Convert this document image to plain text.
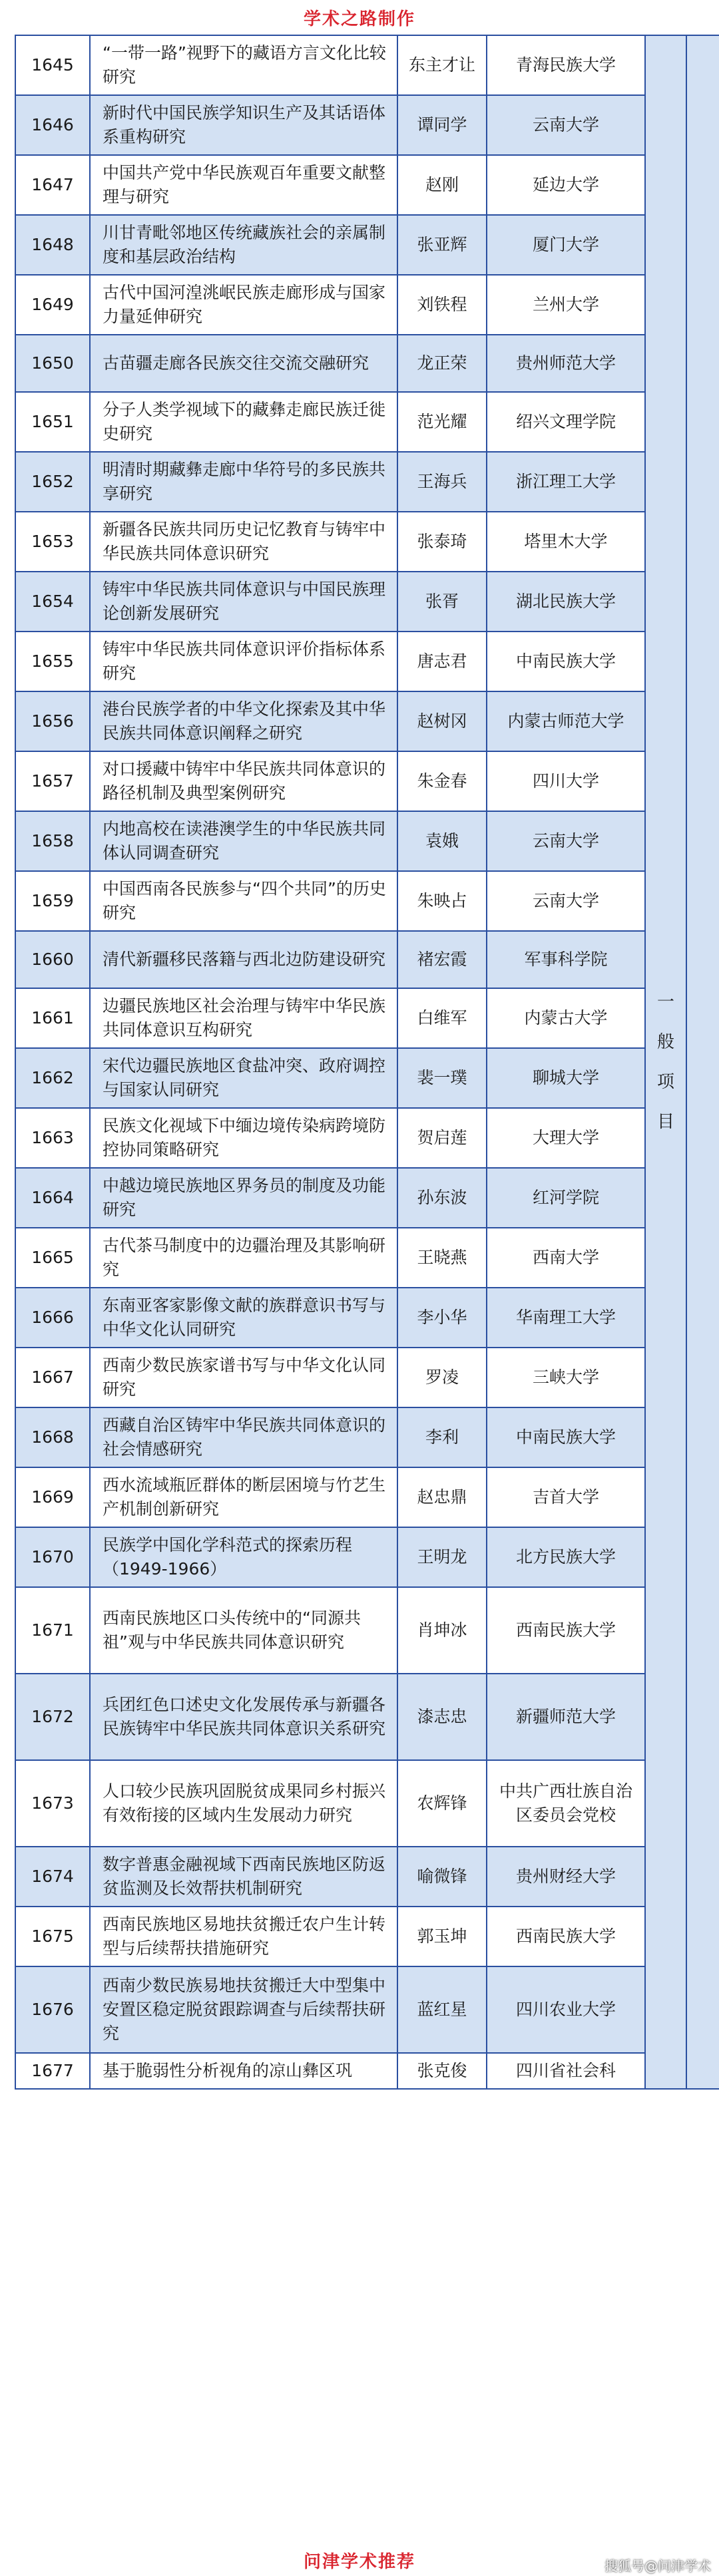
学术之路制作
1645	“一带一路”视野下的藏语方言文化比较研究	东主才让	青海民族大学	一般项目	
1646	新时代中国民族学知识生产及其话语体系重构研究	谭同学	云南大学		
1647	中国共产党中华民族观百年重要文献整理与研究	赵刚	延边大学		
1648	川甘青毗邻地区传统藏族社会的亲属制度和基层政治结构	张亚辉	厦门大学		
1649	古代中国河湟洮岷民族走廊形成与国家力量延伸研究	刘铁程	兰州大学		
1650	古苗疆走廊各民族交往交流交融研究	龙正荣	贵州师范大学		
1651	分子人类学视域下的藏彝走廊民族迁徙史研究	范光耀	绍兴文理学院		
1652	明清时期藏彝走廊中华符号的多民族共享研究	王海兵	浙江理工大学		
1653	新疆各民族共同历史记忆教育与铸牢中华民族共同体意识研究	张泰琦	塔里木大学		
1654	铸牢中华民族共同体意识与中国民族理论创新发展研究	张胥	湖北民族大学		
1655	铸牢中华民族共同体意识评价指标体系研究	唐志君	中南民族大学		
1656	港台民族学者的中华文化探索及其中华民族共同体意识阐释之研究	赵树冈	内蒙古师范大学		
1657	对口援藏中铸牢中华民族共同体意识的路径机制及典型案例研究	朱金春	四川大学		
1658	内地高校在读港澳学生的中华民族共同体认同调查研究	袁娥	云南大学		
1659	中国西南各民族参与“四个共同”的历史研究	朱映占	云南大学		
1660	清代新疆移民落籍与西北边防建设研究	褚宏霞	军事科学院		
1661	边疆民族地区社会治理与铸牢中华民族共同体意识互构研究	白维军	内蒙古大学		
1662	宋代边疆民族地区食盐冲突、政府调控与国家认同研究	裴一璞	聊城大学		
1663	民族文化视域下中缅边境传染病跨境防控协同策略研究	贺启莲	大理大学		
1664	中越边境民族地区界务员的制度及功能研究	孙东波	红河学院		
1665	古代茶马制度中的边疆治理及其影响研究	王晓燕	西南大学		
1666	东南亚客家影像文献的族群意识书写与中华文化认同研究	李小华	华南理工大学		
1667	西南少数民族家谱书写与中华文化认同研究	罗凌	三峡大学		
1668	西藏自治区铸牢中华民族共同体意识的社会情感研究	李利	中南民族大学		
1669	西水流域瓶匠群体的断层困境与竹艺生产机制创新研究	赵忠鼎	吉首大学		
1670	民族学中国化学科范式的探索历程（1949-1966）	王明龙	北方民族大学		
1671	西南民族地区口头传统中的“同源共祖”观与中华民族共同体意识研究	肖坤冰	西南民族大学		
1672	兵团红色口述史文化发展传承与新疆各民族铸牢中华民族共同体意识关系研究	漆志忠	新疆师范大学		
1673	人口较少民族巩固脱贫成果同乡村振兴有效衔接的区域内生发展动力研究	农辉锋	中共广西壮族自治区委员会党校		
1674	数字普惠金融视域下西南民族地区防返贫监测及长效帮扶机制研究	喻微锋	贵州财经大学		
1675	西南民族地区易地扶贫搬迁农户生计转型与后续帮扶措施研究	郭玉坤	西南民族大学		
1676	西南少数民族易地扶贫搬迁大中型集中安置区稳定脱贫跟踪调查与后续帮扶研究	蓝红星	四川农业大学		
1677	基于脆弱性分析视角的凉山彝区巩	张克俊	四川省社会科		
问津学术推荐	搜狐号@问津学术
